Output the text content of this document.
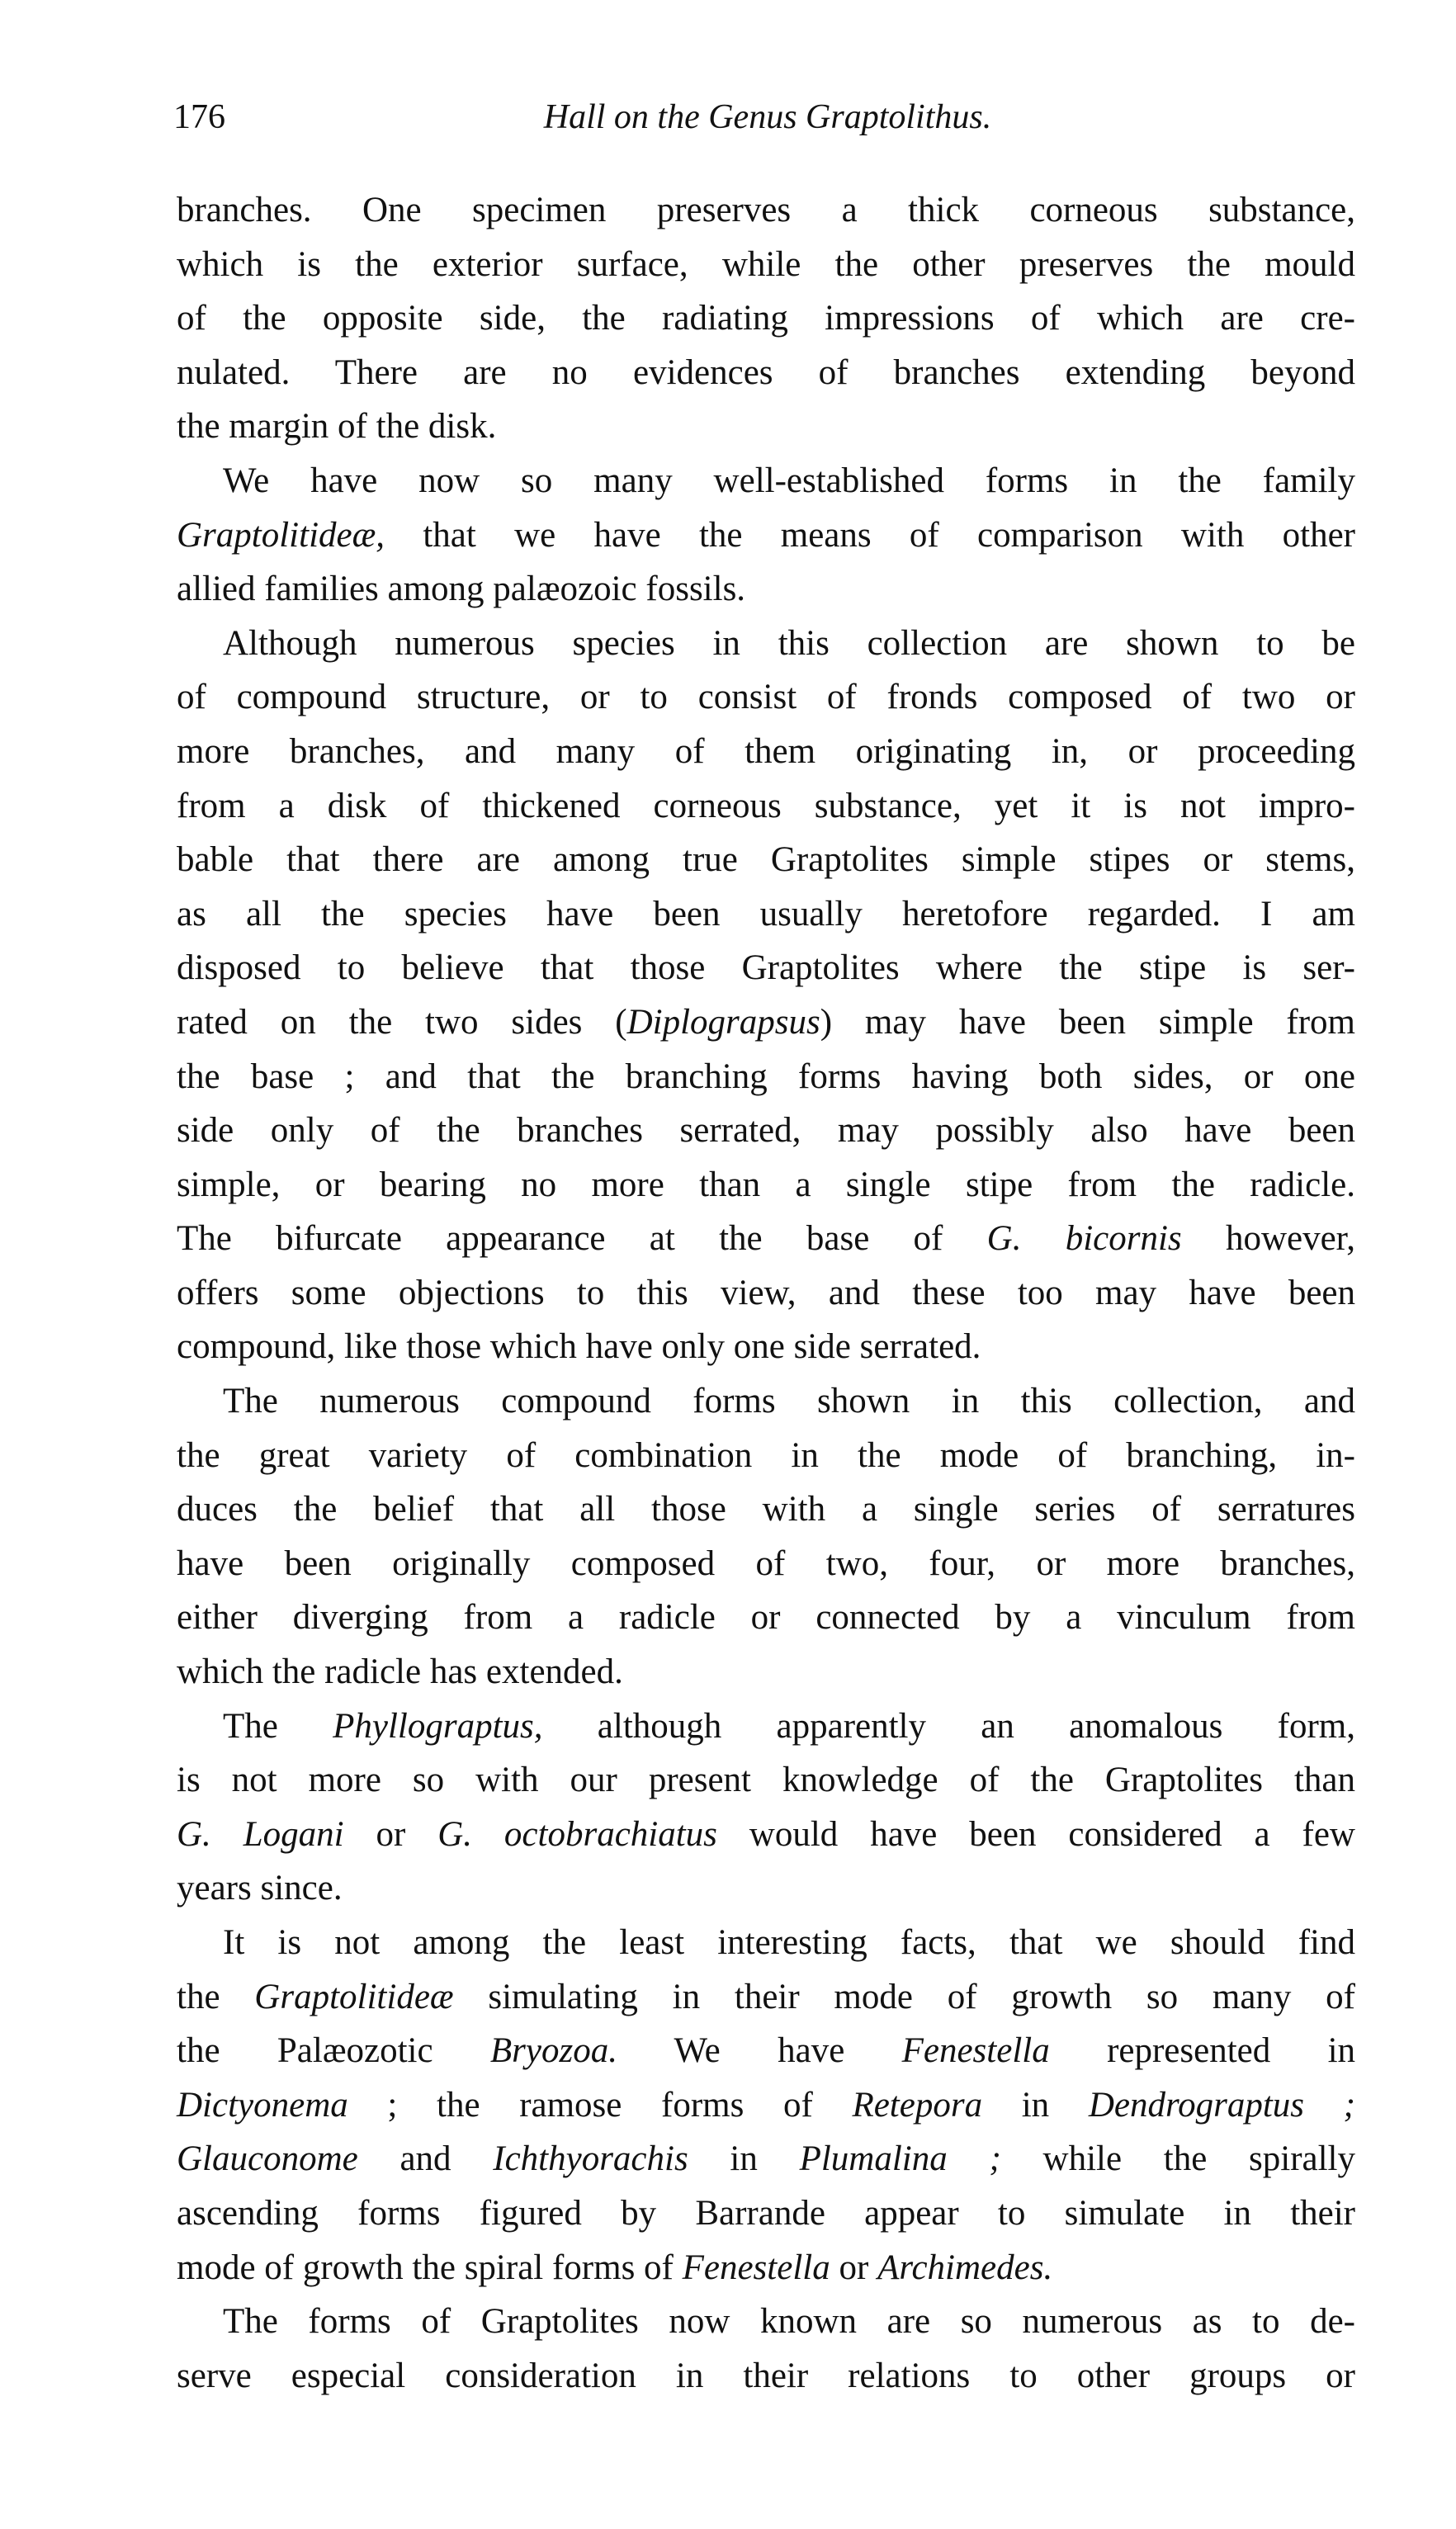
176	Hall on the Genus Graptolithus.
branches. One specimen preserves a thick corneous substance,
which is the exterior surface, while the other preserves the mould
of the opposite side, the radiating impressions of which are cre-
nulated. There are no evidences of branches extending beyond
the margin of the disk.
We have now so many well-established forms in the family
Graptolitideæ, that we have the means of comparison with other
allied families among palæozoic fossils.
Although numerous species in this collection are shown to be
of compound structure, or to consist of fronds composed of two or
more branches, and many of them originating in, or proceeding
from a disk of thickened corneous substance, yet it is not impro-
bable that there are among true Graptolites simple stipes or stems,
as all the species have been usually heretofore regarded. I am
disposed to believe that those Graptolites where the stipe is ser-
rated on the two sides (Diplograpsus) may have been simple from
the base ; and that the branching forms having both sides, or one
side only of the branches serrated, may possibly also have been
simple, or bearing no more than a single stipe from the radicle.
The bifurcate appearance at the base of G. bicornis however,
offers some objections to this view, and these too may have been
compound, like those which have only one side serrated.
The numerous compound forms shown in this collection, and
the great variety of combination in the mode of branching, in-
duces the belief that all those with a single series of serratures
have been originally composed of two, four, or more branches,
either diverging from a radicle or connected by a vinculum from
which the radicle has extended.
The Phyllograptus, although apparently an anomalous form,
is not more so with our present knowledge of the Graptolites than
G. Logani or G. octobrachiatus would have been considered a few
years since.
It is not among the least interesting facts, that we should find
the Graptolitideæ simulating in their mode of growth so many of
the Palæozotic Bryozoa. We have Fenestella represented in
Dictyonema ; the ramose forms of Retepora in Dendrograptus ;
Glauconome and Ichthyorachis in Plumalina ; while the spirally
ascending forms figured by Barrande appear to simulate in their
mode of growth the spiral forms of Fenestella or Archimedes.
The forms of Graptolites now known are so numerous as to de-
serve especial consideration in their relations to other groups or
